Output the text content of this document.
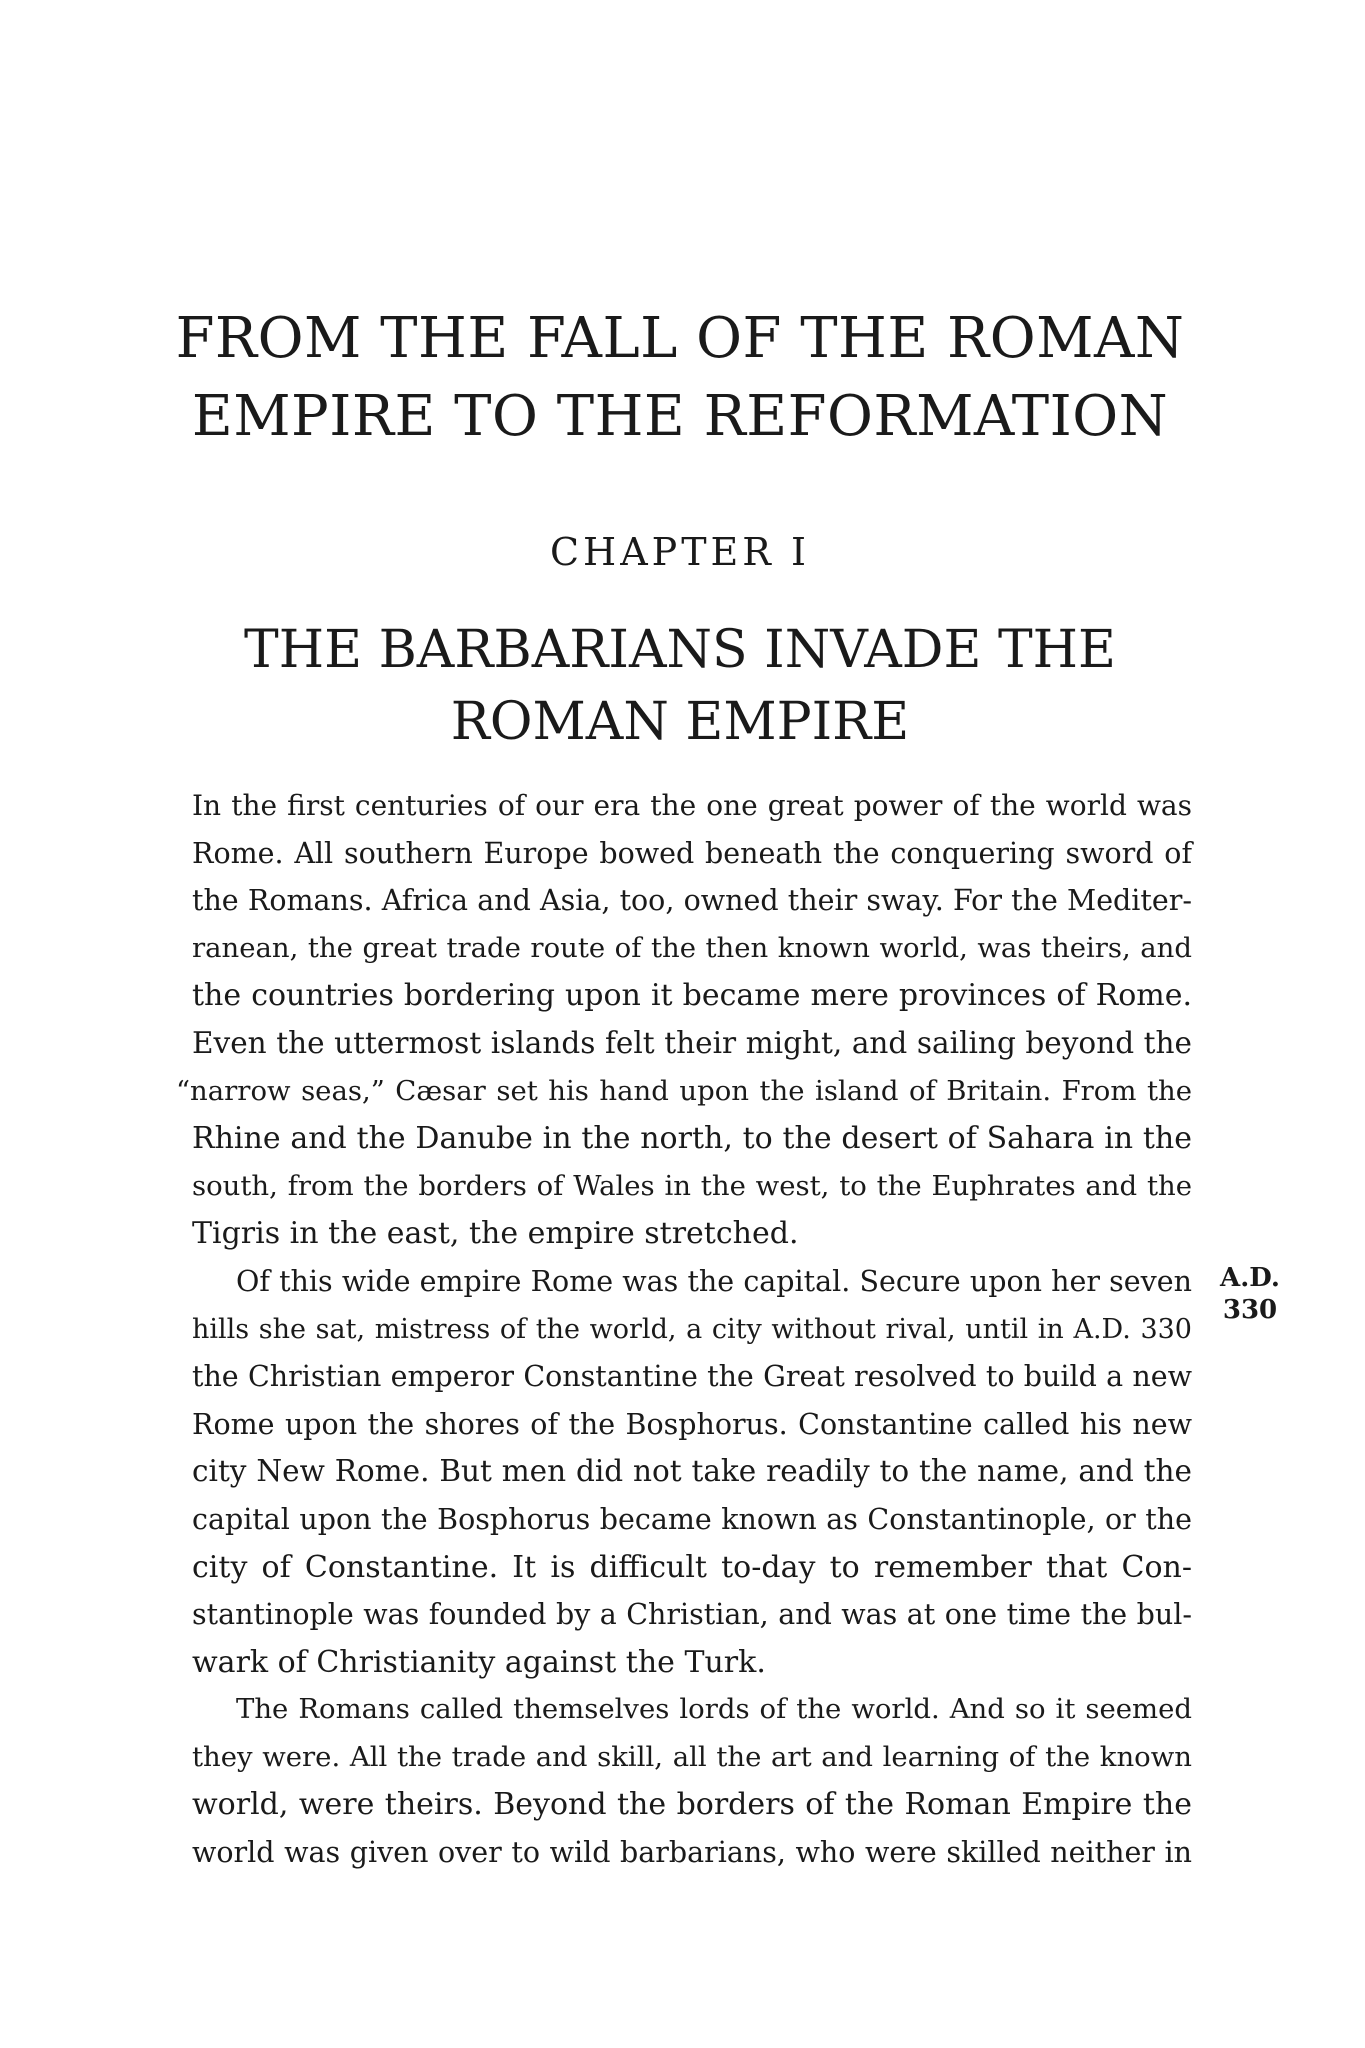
FROM THE FALL OF THE ROMAN
EMPIRE TO THE REFORMATION
CHAPTER I
THE BARBARIANS INVADE THE
ROMAN EMPIRE

In the first centuries of our era the one great power of the world was
Rome. All southern Europe bowed beneath the conquering sword of
the Romans. Africa and Asia, too, owned their sway. For the Mediter-
ranean, the great trade route of the then known world, was theirs, and
the countries bordering upon it became mere provinces of Rome.
Even the uttermost islands felt their might, and sailing beyond the
“narrow seas,” Cæsar set his hand upon the island of Britain. From the
Rhine and the Danube in the north, to the desert of Sahara in the
south, from the borders of Wales in the west, to the Euphrates and the
Tigris in the east, the empire stretched.

Of this wide empire Rome was the capital. Secure upon her seven
hills she sat, mistress of the world, a city without rival, until in A.D. 330
the Christian emperor Constantine the Great resolved to build a new
Rome upon the shores of the Bosphorus. Constantine called his new
city New Rome. But men did not take readily to the name, and the
capital upon the Bosphorus became known as Constantinople, or the
city of Constantine. It is difficult to-day to remember that Con-
stantinople was founded by a Christian, and was at one time the bul-
wark of Christianity against the Turk.

The Romans called themselves lords of the world. And so it seemed
they were. All the trade and skill, all the art and learning of the known
world, were theirs. Beyond the borders of the Roman Empire the
world was given over to wild barbarians, who were skilled neither in

A.D.
330
